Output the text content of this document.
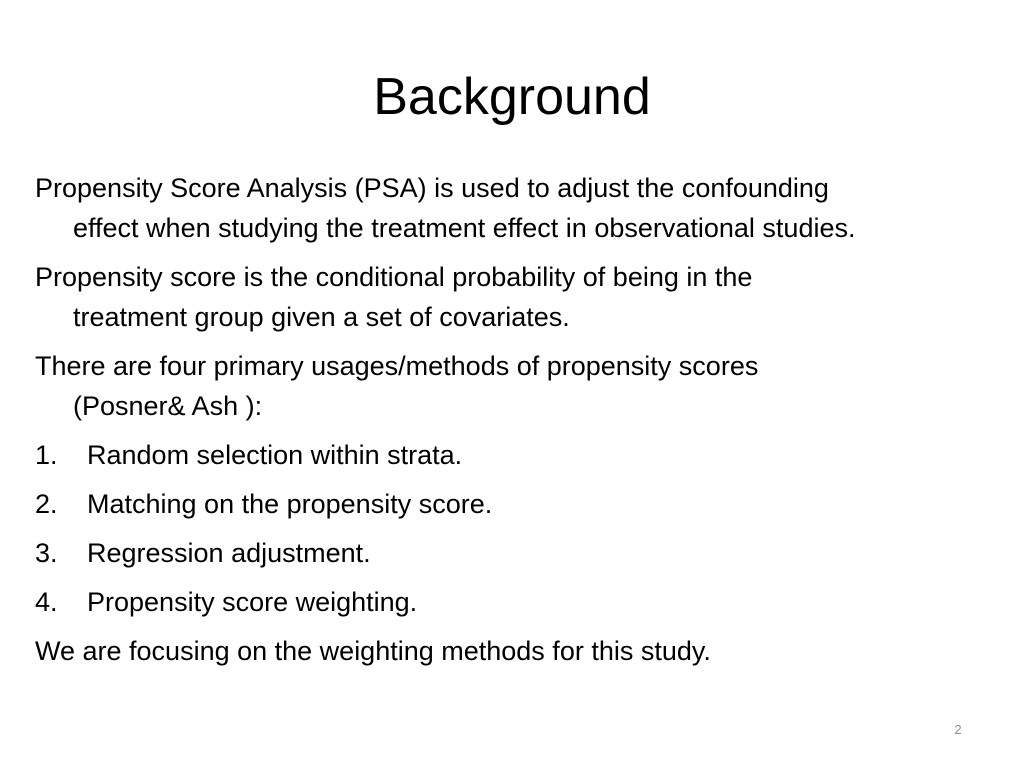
Background

Propensity Score Analysis (PSA) is used to adjust the confounding
effect when studying the treatment effect in observational studies.

Propensity score is the conditional probability of being in the
treatment group given a set of covariates.

There are four primary usages/methods of propensity scores
(Posner& Ash ):

1.	Random selection within strata.

2.	Matching on the propensity score.

3.	Regression adjustment.

4.	Propensity score weighting.

We are focusing on the weighting methods for this study.

2
